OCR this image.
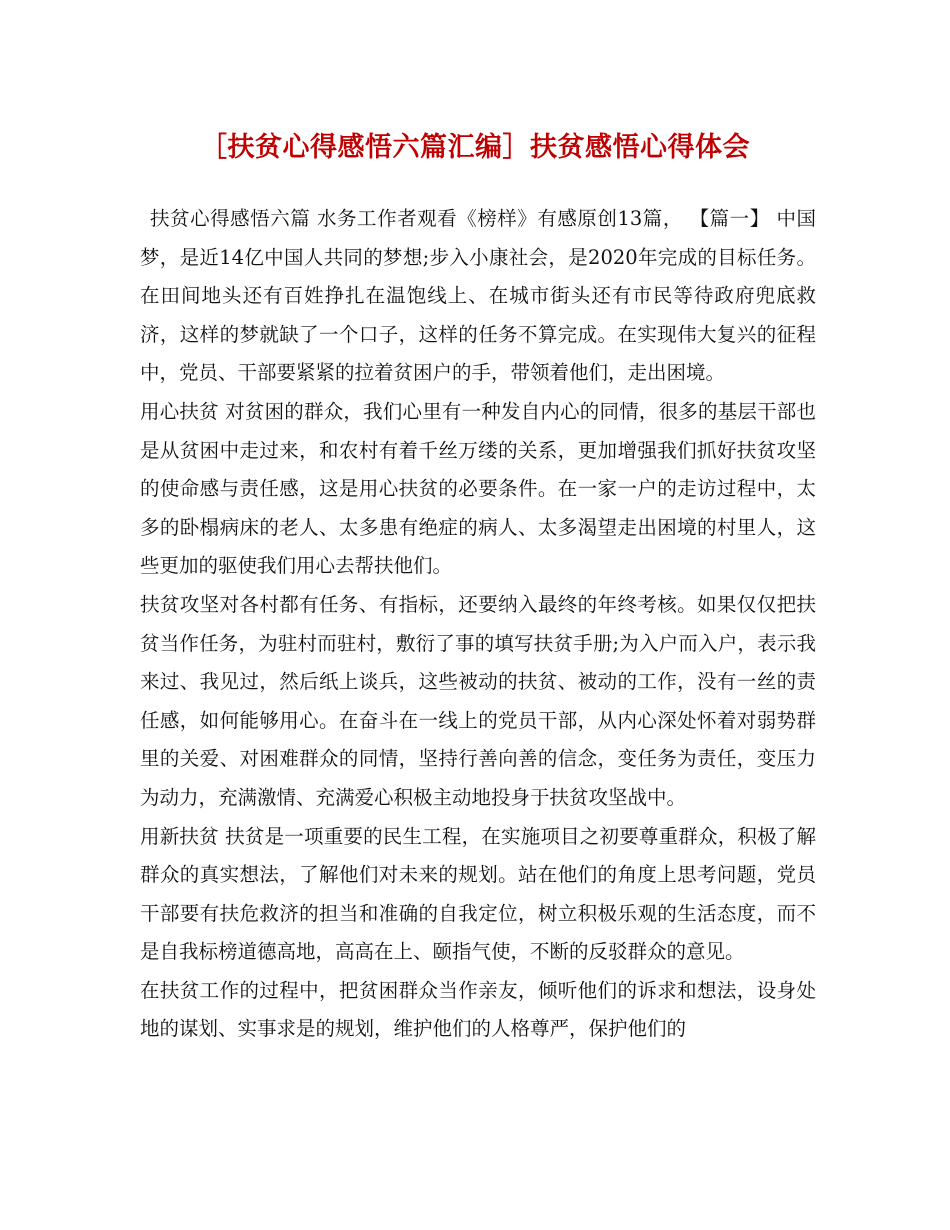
［扶贫心得感悟六篇汇编］扶贫感悟心得体会

扶贫心得感悟六篇 水务工作者观看《榜样》有感原创13篇， 【篇一】 中国梦，是近14亿中国人共同的梦想;步入小康社会，是2020年完成的目标任务。在田间地头还有百姓挣扎在温饱线上、在城市街头还有市民等待政府兜底救济，这样的梦就缺了一个口子，这样的任务不算完成。在实现伟大复兴的征程中，党员、干部要紧紧的拉着贫困户的手，带领着他们，走出困境。

用心扶贫 对贫困的群众，我们心里有一种发自内心的同情，很多的基层干部也是从贫困中走过来，和农村有着千丝万缕的关系，更加增强我们抓好扶贫攻坚的使命感与责任感，这是用心扶贫的必要条件。在一家一户的走访过程中，太多的卧榻病床的老人、太多患有绝症的病人、太多渴望走出困境的村里人，这些更加的驱使我们用心去帮扶他们。

扶贫攻坚对各村都有任务、有指标，还要纳入最终的年终考核。如果仅仅把扶贫当作任务，为驻村而驻村，敷衍了事的填写扶贫手册;为入户而入户，表示我来过、我见过，然后纸上谈兵，这些被动的扶贫、被动的工作，没有一丝的责任感，如何能够用心。在奋斗在一线上的党员干部，从内心深处怀着对弱势群里的关爱、对困难群众的同情，坚持行善向善的信念，变任务为责任，变压力为动力，充满激情、充满爱心积极主动地投身于扶贫攻坚战中。

用新扶贫 扶贫是一项重要的民生工程，在实施项目之初要尊重群众，积极了解群众的真实想法，了解他们对未来的规划。站在他们的角度上思考问题，党员干部要有扶危救济的担当和准确的自我定位，树立积极乐观的生活态度，而不是自我标榜道德高地，高高在上、颐指气使，不断的反驳群众的意见。

在扶贫工作的过程中，把贫困群众当作亲友，倾听他们的诉求和想法，设身处地的谋划、实事求是的规划，维护他们的人格尊严，保护他们的
